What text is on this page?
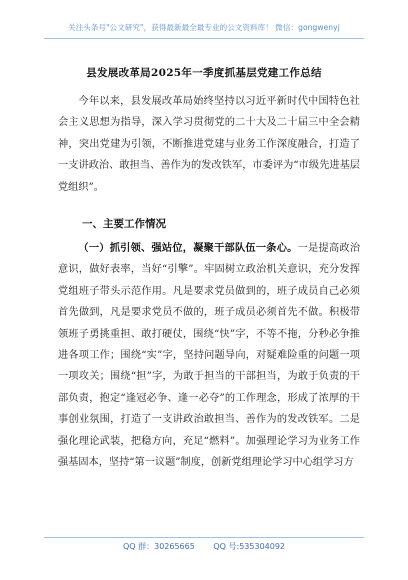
关注头条号"公文研究"，获得最新最全最专业的公文资料库！ 微信：gongwenyj
县发展改革局2025年一季度抓基层党建工作总结

今年以来，县发展改革局始终坚持以习近平新时代中国特色社会主义思想为指导，深入学习贯彻党的二十大及二十届三中全会精神，突出党建为引领，不断推进党建与业务工作深度融合，打造了一支讲政治、敢担当、善作为的发改铁军，市委评为“市级先进基层党组织”。

一、主要工作情况

（一）抓引领、强站位，凝聚干部队伍一条心。一是提高政治意识，做好表率，当好“引擎”。牢固树立政治机关意识，充分发挥党组班子带头示范作用。凡是要求党员做到的，班子成员自己必须首先做到，凡是要求党员不做的，班子成员必须首先不做。积极带领班子勇挑重担、敢打硬仗，围绕“快”字，不等不拖，分秒必争推进各项工作；围绕“实”字，坚持问题导向，对疑难险重的问题一项一项攻关；围绕“担”字，为敢于担当的干部担当，为敢于负责的干部负责，抱定“逢冠必争、逢一必夺”的工作理念，形成了浓厚的干事创业氛围，打造了一支讲政治敢担当、善作为的发改铁军。二是强化理论武装，把稳方向，充足“燃料”。加强理论学习为业务工作强基固本，坚持“第一议题”制度，创新党组理论学习中心组学习方

QQ 群：30265665 QQ 号:535304092
